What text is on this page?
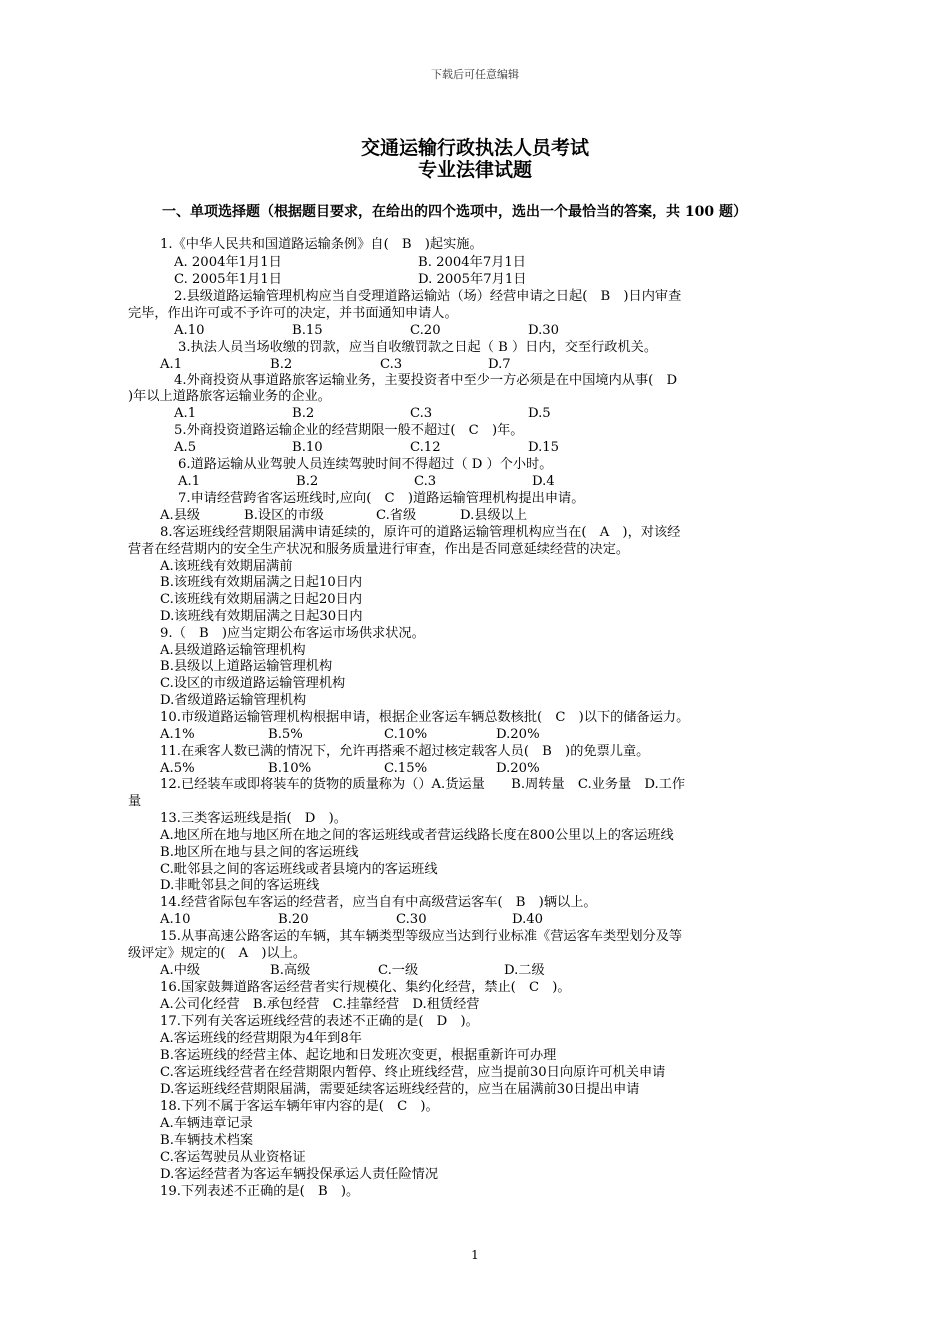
下载后可任意编辑
交通运输行政执法人员考试
专业法律试题
一、单项选择题（根据题目要求，在给出的四个选项中，选出一个最恰当的答案，共 100 题）
1.《中华人民共和国道路运输条例》自(　B　)起实施。
A. 2004年1月1日	B. 2004年7月1日
C. 2005年1月1日	D. 2005年7月1日
2.县级道路运输管理机构应当自受理道路运输站（场）经营申请之日起(　B　)日内审查
完毕，作出许可或不予许可的决定，并书面通知申请人。
A.10	B.15	C.20	D.30
3.执法人员当场收缴的罚款，应当自收缴罚款之日起（ B ）日内，交至行政机关。
A.1	B.2	C.3	D.7
4.外商投资从事道路旅客运输业务，主要投资者中至少一方必须是在中国境内从事(　D
)年以上道路旅客运输业务的企业。
A.1	B.2	C.3	D.5
5.外商投资道路运输企业的经营期限一般不超过(　C　)年。
A.5	B.10	C.12	D.15
6.道路运输从业驾驶人员连续驾驶时间不得超过（ D ）个小时。
A.1	B.2	C.3	D.4
7.申请经营跨省客运班线时,应向(　C　)道路运输管理机构提出申请。
A.县级	B.设区的市级	C.省级	D.县级以上
8.客运班线经营期限届满申请延续的，原许可的道路运输管理机构应当在(　A　)，对该经
营者在经营期内的安全生产状况和服务质量进行审查，作出是否同意延续经营的决定。
A.该班线有效期届满前
B.该班线有效期届满之日起10日内
C.该班线有效期届满之日起20日内
D.该班线有效期届满之日起30日内
9.（　B　)应当定期公布客运市场供求状况。
A.县级道路运输管理机构
B.县级以上道路运输管理机构
C.设区的市级道路运输管理机构
D.省级道路运输管理机构
10.市级道路运输管理机构根据申请，根据企业客运车辆总数核批(　C　)以下的储备运力。
A.1%	B.5%	C.10%	D.20%
11.在乘客人数已满的情况下，允许再搭乘不超过核定载客人员(　B　)的免票儿童。
A.5%	B.10%	C.15%	D.20%
12.已经装车或即将装车的货物的质量称为（）A.货运量　　B.周转量　C.业务量　D.工作
量
13.三类客运班线是指(　D　)。
A.地区所在地与地区所在地之间的客运班线或者营运线路长度在800公里以上的客运班线
B.地区所在地与县之间的客运班线
C.毗邻县之间的客运班线或者县境内的客运班线
D.非毗邻县之间的客运班线
14.经营省际包车客运的经营者，应当自有中高级营运客车(　B　)辆以上。
A.10	B.20	C.30	D.40
15.从事高速公路客运的车辆，其车辆类型等级应当达到行业标准《营运客车类型划分及等
级评定》规定的(　A　)以上。
A.中级	B.高级	C.一级	D.二级
16.国家鼓舞道路客运经营者实行规模化、集约化经营，禁止(　C　)。
A.公司化经营　B.承包经营　C.挂靠经营　D.租赁经营
17.下列有关客运班线经营的表述不正确的是(　D　)。
A.客运班线的经营期限为4年到8年
B.客运班线的经营主体、起讫地和日发班次变更，根据重新许可办理
C.客运班线经营者在经营期限内暂停、终止班线经营，应当提前30日向原许可机关申请
D.客运班线经营期限届满，需要延续客运班线经营的，应当在届满前30日提出申请
18.下列不属于客运车辆年审内容的是(　C　)。
A.车辆违章记录
B.车辆技术档案
C.客运驾驶员从业资格证
D.客运经营者为客运车辆投保承运人责任险情况
19.下列表述不正确的是(　B　)。
1
